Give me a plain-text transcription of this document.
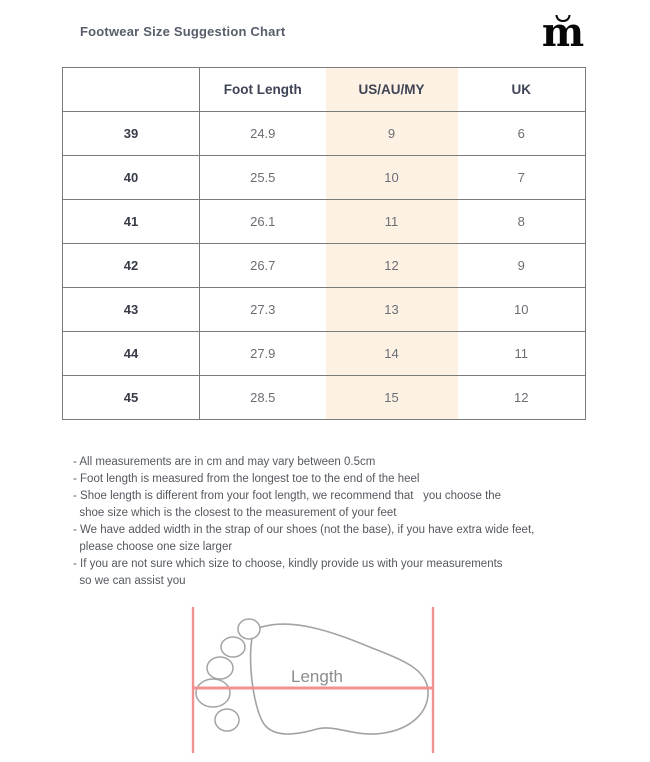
Footwear Size Suggestion Chart	m
	Foot Length	US/AU/MY	UK
39	24.9	9	6
40	25.5	10	7
41	26.1	11	8
42	26.7	12	9
43	27.3	13	10
44	27.9	14	11
45	28.5	15	12
- All measurements are in cm and may vary between 0.5cm
- Foot length is measured from the longest toe to the end of the heel
- Shoe length is different from your foot length, we recommend that   you choose the
shoe size which is the closest to the measurement of your feet
- We have added width in the strap of our shoes (not the base), if you have extra wide feet,
please choose one size larger
- If you are not sure which size to choose, kindly provide us with your measurements
so we can assist you
Length
